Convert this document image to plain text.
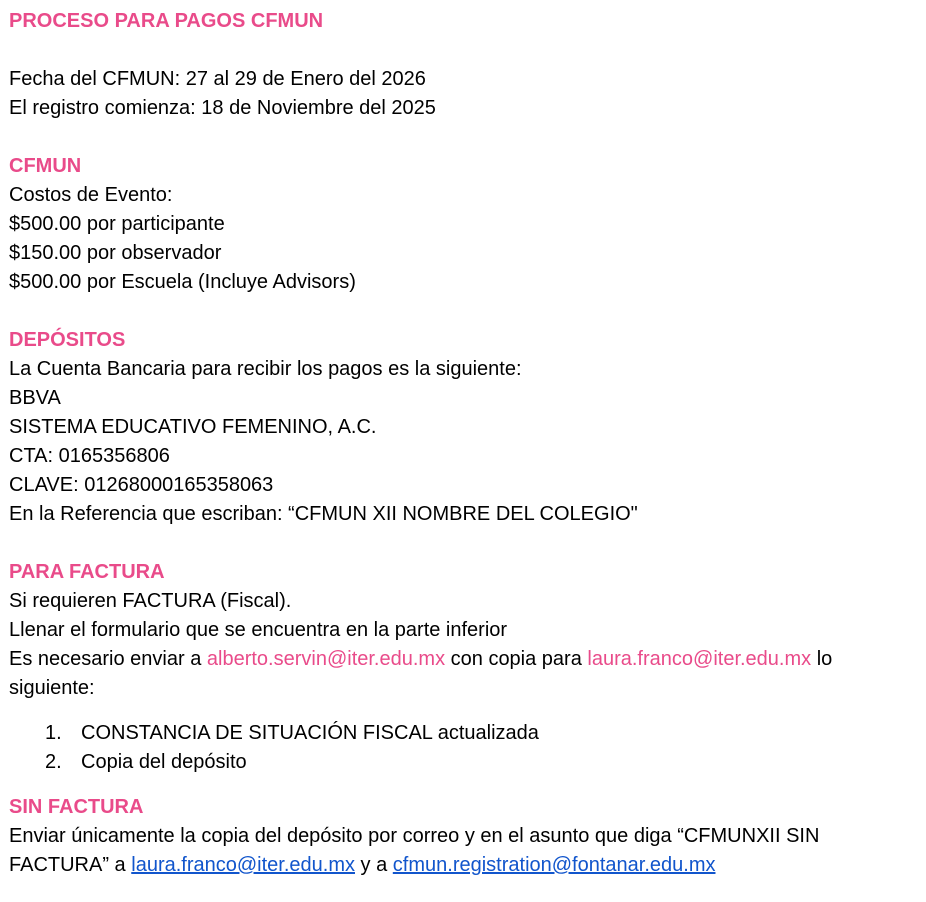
PROCESO PARA PAGOS CFMUN
Fecha del CFMUN: 27 al 29 de Enero del 2026
El registro comienza: 18 de Noviembre del 2025
CFMUN
Costos de Evento:
$500.00 por participante
$150.00 por observador
$500.00 por Escuela (Incluye Advisors)
DEPÓSITOS
La Cuenta Bancaria para recibir los pagos es la siguiente:
BBVA
SISTEMA EDUCATIVO FEMENINO, A.C.
CTA: 0165356806
CLAVE: 012680001653580​63
En la Referencia que escriban: “CFMUN XII NOMBRE DEL COLEGIO"
PARA FACTURA
Si requieren FACTURA (Fiscal).
Llenar el formulario que se encuentra en la parte inferior
Es necesario enviar a alberto.servin@iter.edu.mx con copia para laura.franco@iter.edu.mx lo
siguiente:
1. CONSTANCIA DE SITUACIÓN FISCAL actualizada
2. Copia del depósito
SIN FACTURA
Enviar únicamente la copia del depósito por correo y en el asunto que diga “CFMUNXII SIN
FACTURA” a laura.franco@iter.edu.mx y a cfmun.registration@fontanar.edu.mx
